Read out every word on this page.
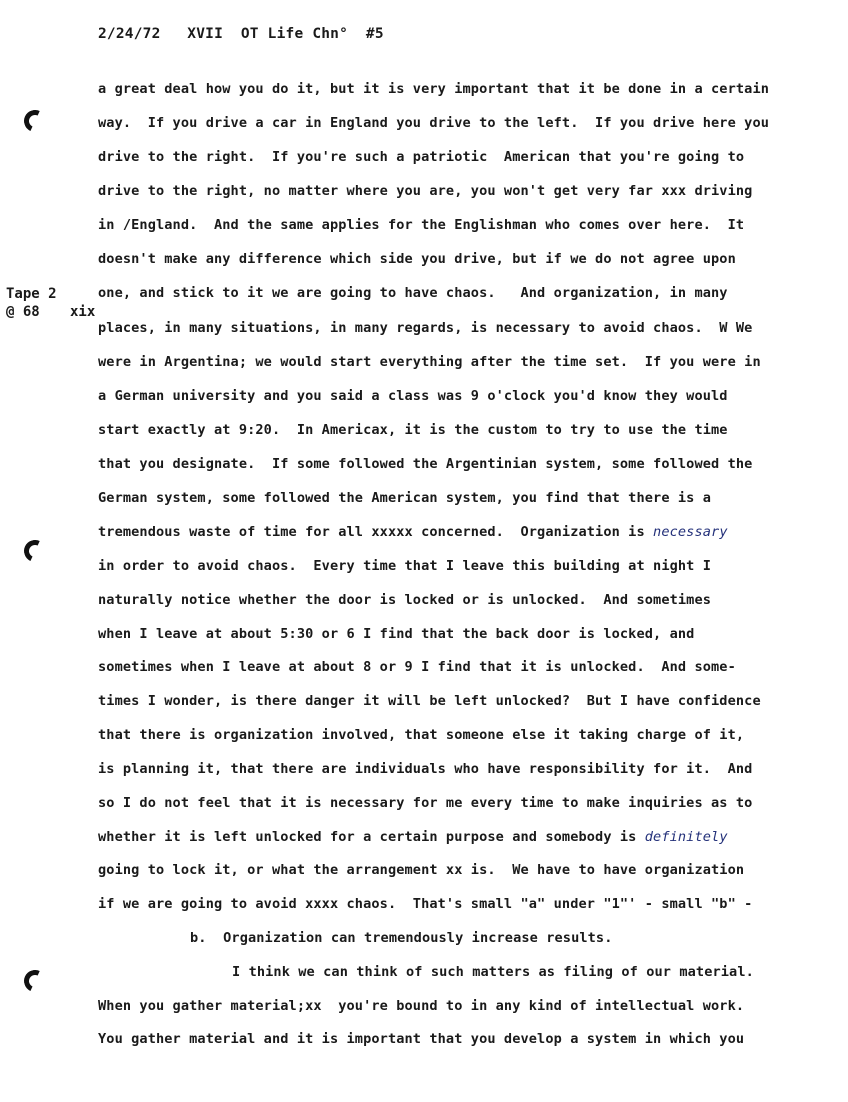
2/24/72   XVII  OT Life Chn°  #5
Tape 2
@ 68 xix
a great deal how you do it, but it is very important that it be done in a certain
way.  If you drive a car in England you drive to the left.  If you drive here you
drive to the right.  If you're such a patriotic  American that you're going to
drive to the right, no matter where you are, you won't get very far xxx driving
in /England.  And the same applies for the Englishman who comes over here.  It
doesn't make any difference which side you drive, but if we do not agree upon
one, and stick to it we are going to have chaos.   And organization, in many
places, in many situations, in many regards, is necessary to avoid chaos.  W We
were in Argentina; we would start everything after the time set.  If you were in
a German university and you said a class was 9 o'clock you'd know they would
start exactly at 9:20.  In Americax, it is the custom to try to use the time
that you designate.  If some followed the Argentinian system, some followed the
German system, some followed the American system, you find that there is a
tremendous waste of time for all xxxxx concerned.  Organization is necessary
in order to avoid chaos.  Every time that I leave this building at night I
naturally notice whether the door is locked or is unlocked.  And sometimes
when I leave at about 5:30 or 6 I find that the back door is locked, and
sometimes when I leave at about 8 or 9 I find that it is unlocked.  And some-
times I wonder, is there danger it will be left unlocked?  But I have confidence
that there is organization involved, that someone else it taking charge of it,
is planning it, that there are individuals who have responsibility for it.  And
so I do not feel that it is necessary for me every time to make inquiries as to
whether it is left unlocked for a certain purpose and somebody is definitely
going to lock it, or what the arrangement xx is.  We have to have organization
if we are going to avoid xxxx chaos.  That's small "a" under "1"' - small "b" -
b.  Organization can tremendously increase results.
I think we can think of such matters as filing of our material.
When you gather material;xx  you're bound to in any kind of intellectual work.
You gather material and it is important that you develop a system in which you
